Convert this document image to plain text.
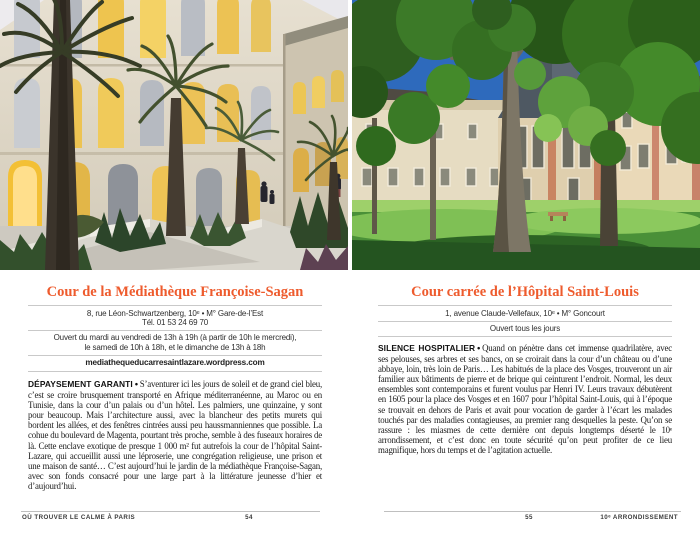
Cour de la Médiathèque Françoise-Sagan
8, rue Léon-Schwartzenberg, 10ᵉ • M° Gare-de-l’Est
Tél. 01 53 24 69 70
Ouvert du mardi au vendredi de 13h à 19h (à partir de 10h le mercredi),
le samedi de 10h à 18h, et le dimanche de 13h à 18h
mediathequeducarresaintlazare.wordpress.com

DÉPAYSEMENT GARANTI • S’aventurer ici les jours de soleil et de grand ciel bleu, c’est se croire brusquement transporté en Afrique méditerranéenne, au Maroc ou en Tunisie, dans la cour d’un palais ou d’un hôtel. Les palmiers, une quinzaine, y sont pour beaucoup. Mais l’architecture aussi, avec la blancheur des petits murets qui bordent les allées, et des fenêtres cintrées aussi peu haussmanniennes que possible. La cohue du boulevard de Magenta, pourtant très proche, semble à des fuseaux horaires de là. Cette enclave exotique de presque 1 000 m² fut autrefois la cour de l’hôpital Saint-Lazare, qui accueillit aussi une léproserie, une congrégation religieuse, une prison et une maison de santé… C’est aujourd’hui le jardin de la médiathèque Françoise-Sagan, avec son fonds consacré pour une large part à la littérature jeunesse d’hier et d’aujourd’hui.

Cour carrée de l’Hôpital Saint-Louis
1, avenue Claude-Vellefaux, 10ᵉ • M° Goncourt
Ouvert tous les jours

SILENCE HOSPITALIER • Quand on pénètre dans cet immense quadrilatère, avec ses pelouses, ses arbres et ses bancs, on se croirait dans la cour d’un château ou d’une abbaye, loin, très loin de Paris… Les habitués de la place des Vosges, trouveront un air familier aux bâtiments de pierre et de brique qui ceinturent l’endroit. Normal, les deux ensembles sont contemporains et furent voulus par Henri IV. Leurs travaux débutèrent en 1605 pour la place des Vosges et en 1607 pour l’hôpital Saint-Louis, qui à l’époque se trouvait en dehors de Paris et avait pour vocation de garder à l’écart les malades touchés par des maladies contagieuses, au premier rang desquelles la peste. Qu’on se rassure : les miasmes de cette dernière ont depuis longtemps déserté le 10ᵉ arrondissement, et c’est donc en toute sécurité qu’on peut profiter de ce lieu magnifique, hors du temps et de l’agitation actuelle.

OÙ TROUVER LE CALME À PARIS	54	55	10ᵉ ARRONDISSEMENT
